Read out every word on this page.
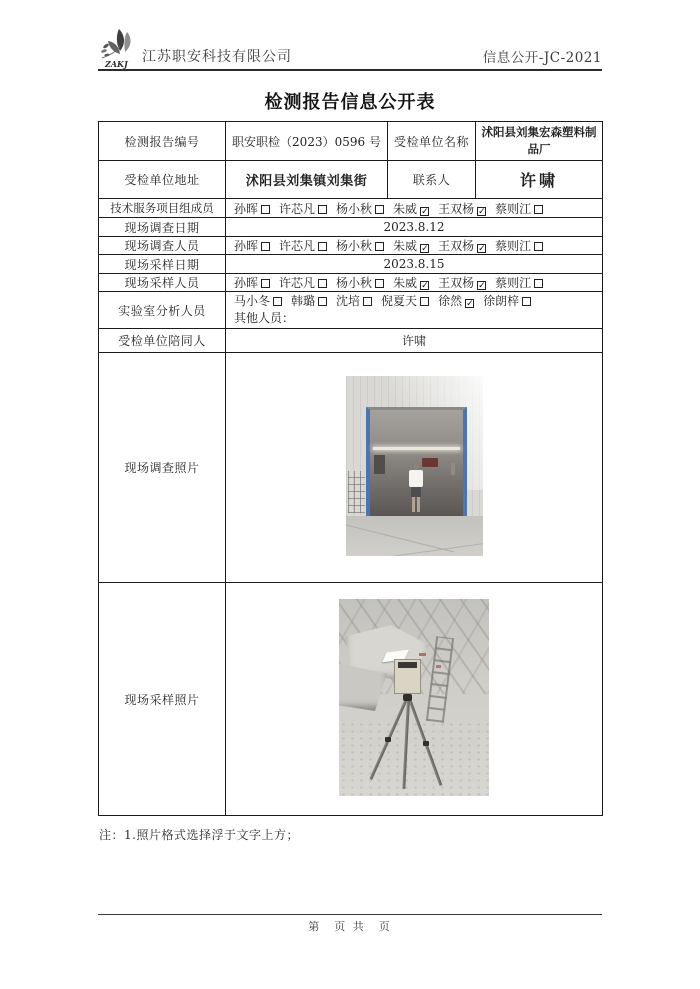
ZAKJ 江苏职安科技有限公司	信息公开-JC-2021
检测报告信息公开表
检测报告编号	职安职检（2023）0596 号	受检单位名称	沭阳县刘集宏森塑料制品厂

受检单位地址	沭阳县刘集镇刘集街	联系人	许啸
技术服务项目组成员	孙晖 许芯凡 杨小秋 朱威 ✓ 王双杨 ✓ 蔡则江		
现场调查日期	2023.8.12		
现场调查人员	孙晖 许芯凡 杨小秋 朱威 ✓ 王双杨 ✓ 蔡则江		
现场采样日期	2023.8.15		
现场采样人员	孙晖 许芯凡 杨小秋 朱威 ✓ 王双杨 ✓ 蔡则江		
实验室分析人员	马小冬 韩璐 沈培 倪夏天 徐然 ✓ 徐朗梓
其他人员：		

受检单位陪同人	许啸		
现场调查照片			

现场采样照片			
注：1.照片格式选择浮于文字上方；
第　页 共　页
